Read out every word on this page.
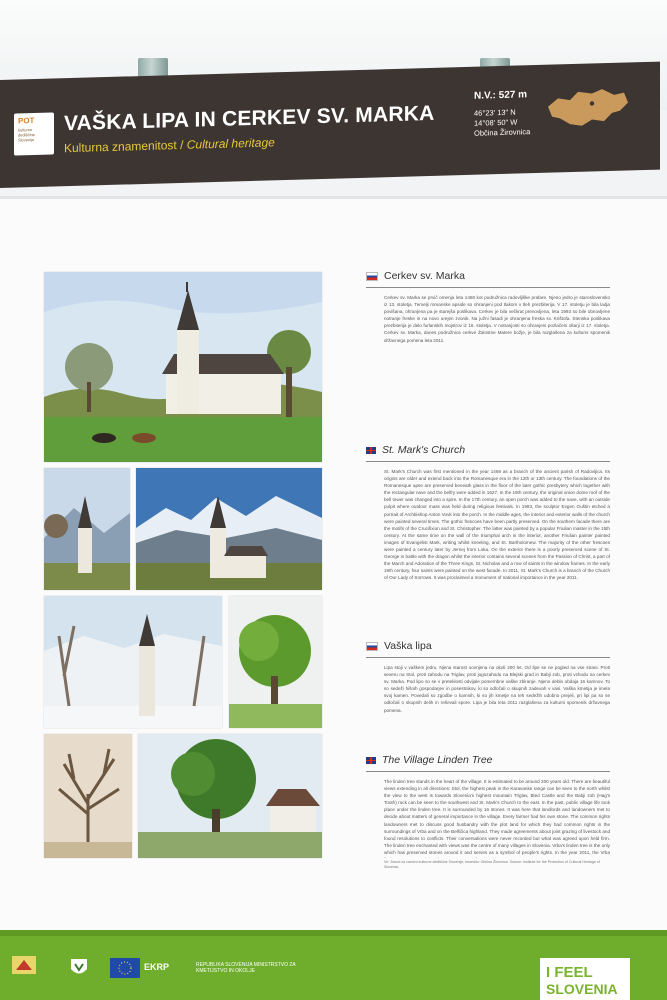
POT
kulturne dediščine Slovenije
VAŠKA LIPA IN CERKEV SV. MARKA
Kulturna znamenitost / Cultural heritage
N.V.: 527 m
46°23' 13" N
14°08' 50" W
Občina Žirovnica
Cerkev sv. Marka
Cerkev sv. Marka se prvič omenja leta 1468 kot podružnica radovljiške prafare. Njeno jedro je staroslovensko iz 13. stoletja. Temelji romanske apside so ohranjeni pod tlakom v tleh prezbiterija. V 17. stoletju je bila ladja povišana, ohranjena pa je starejša poslikava. Cerkev je bila večkrat prenovljena, leta 1993 so bile obnovljene notranje freske in na novo urejen zvonik. Na južni fasadi je ohranjena freska sv. Krištofa. Stenska poslikava prezbiterija je delo furlanskih mojstrov iz 16. stoletja. V notranjosti so ohranjeni pozlačeni oltarji iz 17. stoletja. Cerkev sv. Marka, danes podružnica cerkve Žalostne Matere božje, je bila razglašena za kulturni spomenik državnega pomena leta 2011.
St. Mark's Church
St. Mark's Church was first mentioned in the year 1468 as a branch of the ancient parish of Radovljica. Its origins are older and extend back into the Romanesque era in the 12th or 13th century. The foundations of the Romanesque apse are preserved beneath glass in the floor of the later gothic presbytery which together with the rectangular nave and the belfry were added in 1627. In the 19th century, the original onion dome roof of the bell tower was changed into a spire. In the 17th century, an open porch was added to the nave, with an outside pulpit where outdoor mass was held during religious festivals. In 1993, the sculptor Evgen Guštin etched a portrait of Archbishop Anton Vovk into the porch. In the middle ages, the interior and exterior walls of the church were painted several times. The gothic frescoes have been partly preserved. On the southern facade there are the motifs of the Crucifixion and St. Christopher. The latter was painted by a popular Friulian master in the 15th century. At the same time on the wall of the triumphal arch in the interior, another Friulian painter painted images of Evangelist Mark, writing whilst kneeling, and St. Bartholomew. The majority of the other frescoes were painted a century later by Jernej from Loka. On the exterior there is a poorly preserved scene of St. George in battle with the dragon whilst the interior contains several scenes from the Passion of Christ, a part of the March and Adoration of the Three Kings, St. Nicholas and a row of saints in the window frames. In the early 19th century, four saints were painted on the west facade. In 2011, St. Mark's Church is a branch of the Church of Our Lady of Sorrows. It was proclaimed a monument of national importance in the year 2011.
Vaška lipa
Lipa stoji v vaškem jedru. Njena starost ocenjena na okoli 200 let. Od lipe se ne pogled na vse strani. Proti severu na Stol, proti zahodu na Triglav, proti jugozahodu na Blejski grad in Babji zob, proti vzhodu na cerkev sv. Marka. Pod lipo so se v preteklosti odvijale pomembne vaške zbiranje. Njeno deblo obdaja 16 kamnov. To so sedeži hišnih gospodarjev in posestnikov, ki so odločali o skupnih zadevah v vasi. Vaška kmetija je imela svoj kamen. Povedali so zgodbe o kamnih, ki so jih kmetje na teh sedežih udobno prejeli, pri lipi pa so se odločali o skupnih delih in reševali spore. Lipa je bila leta 2011 razglašena za kulturni spomenik državnega pomena.
The Village Linden Tree
The linden tree stands in the heart of the village. It is estimated to be around 200 years old. There are beautiful views extending in all directions: Stol, the highest peak in the Karavanke range can be seen to the north whilst the view to the west is towards Slovenia's highest mountain Triglav, Bled Castle and the Babji zob (Hag's Tooth) rock can be seen to the southwest and St. Mark's Church to the east. In the past, public village life took place under the linden tree. It is surrounded by 16 stones. It was here that landlords and landowners met to decide about matters of general importance in the village. Every farmer had his own stone. The common rights landowners met to discuss good husbandry with the plot land for which they had common rights in the surroundings of Vrba and on the Belščica highland. They made agreements about joint grazing of livestock and found resolutions to conflicts. Their conversations were never recorded but what was agreed upon held firm. The linden tree enchanted with views was the centre of many villages in Slovenia. Vrba's linden tree is the only which has preserved stones around it and serves as a symbol of people's rights. In the year 2011, the Vrba
Vir: Zavod za varstvo kulturne dediščine Slovenije, besedilo: Občina Žirovnica. Source: Institute for the Protection of Cultural Heritage of Slovenia.
EKRP	REPUBLIKA SLOVENIJA MINISTRSTVO ZA KMETIJSTVO IN OKOLJE	I FEEL
SLOVENIA
